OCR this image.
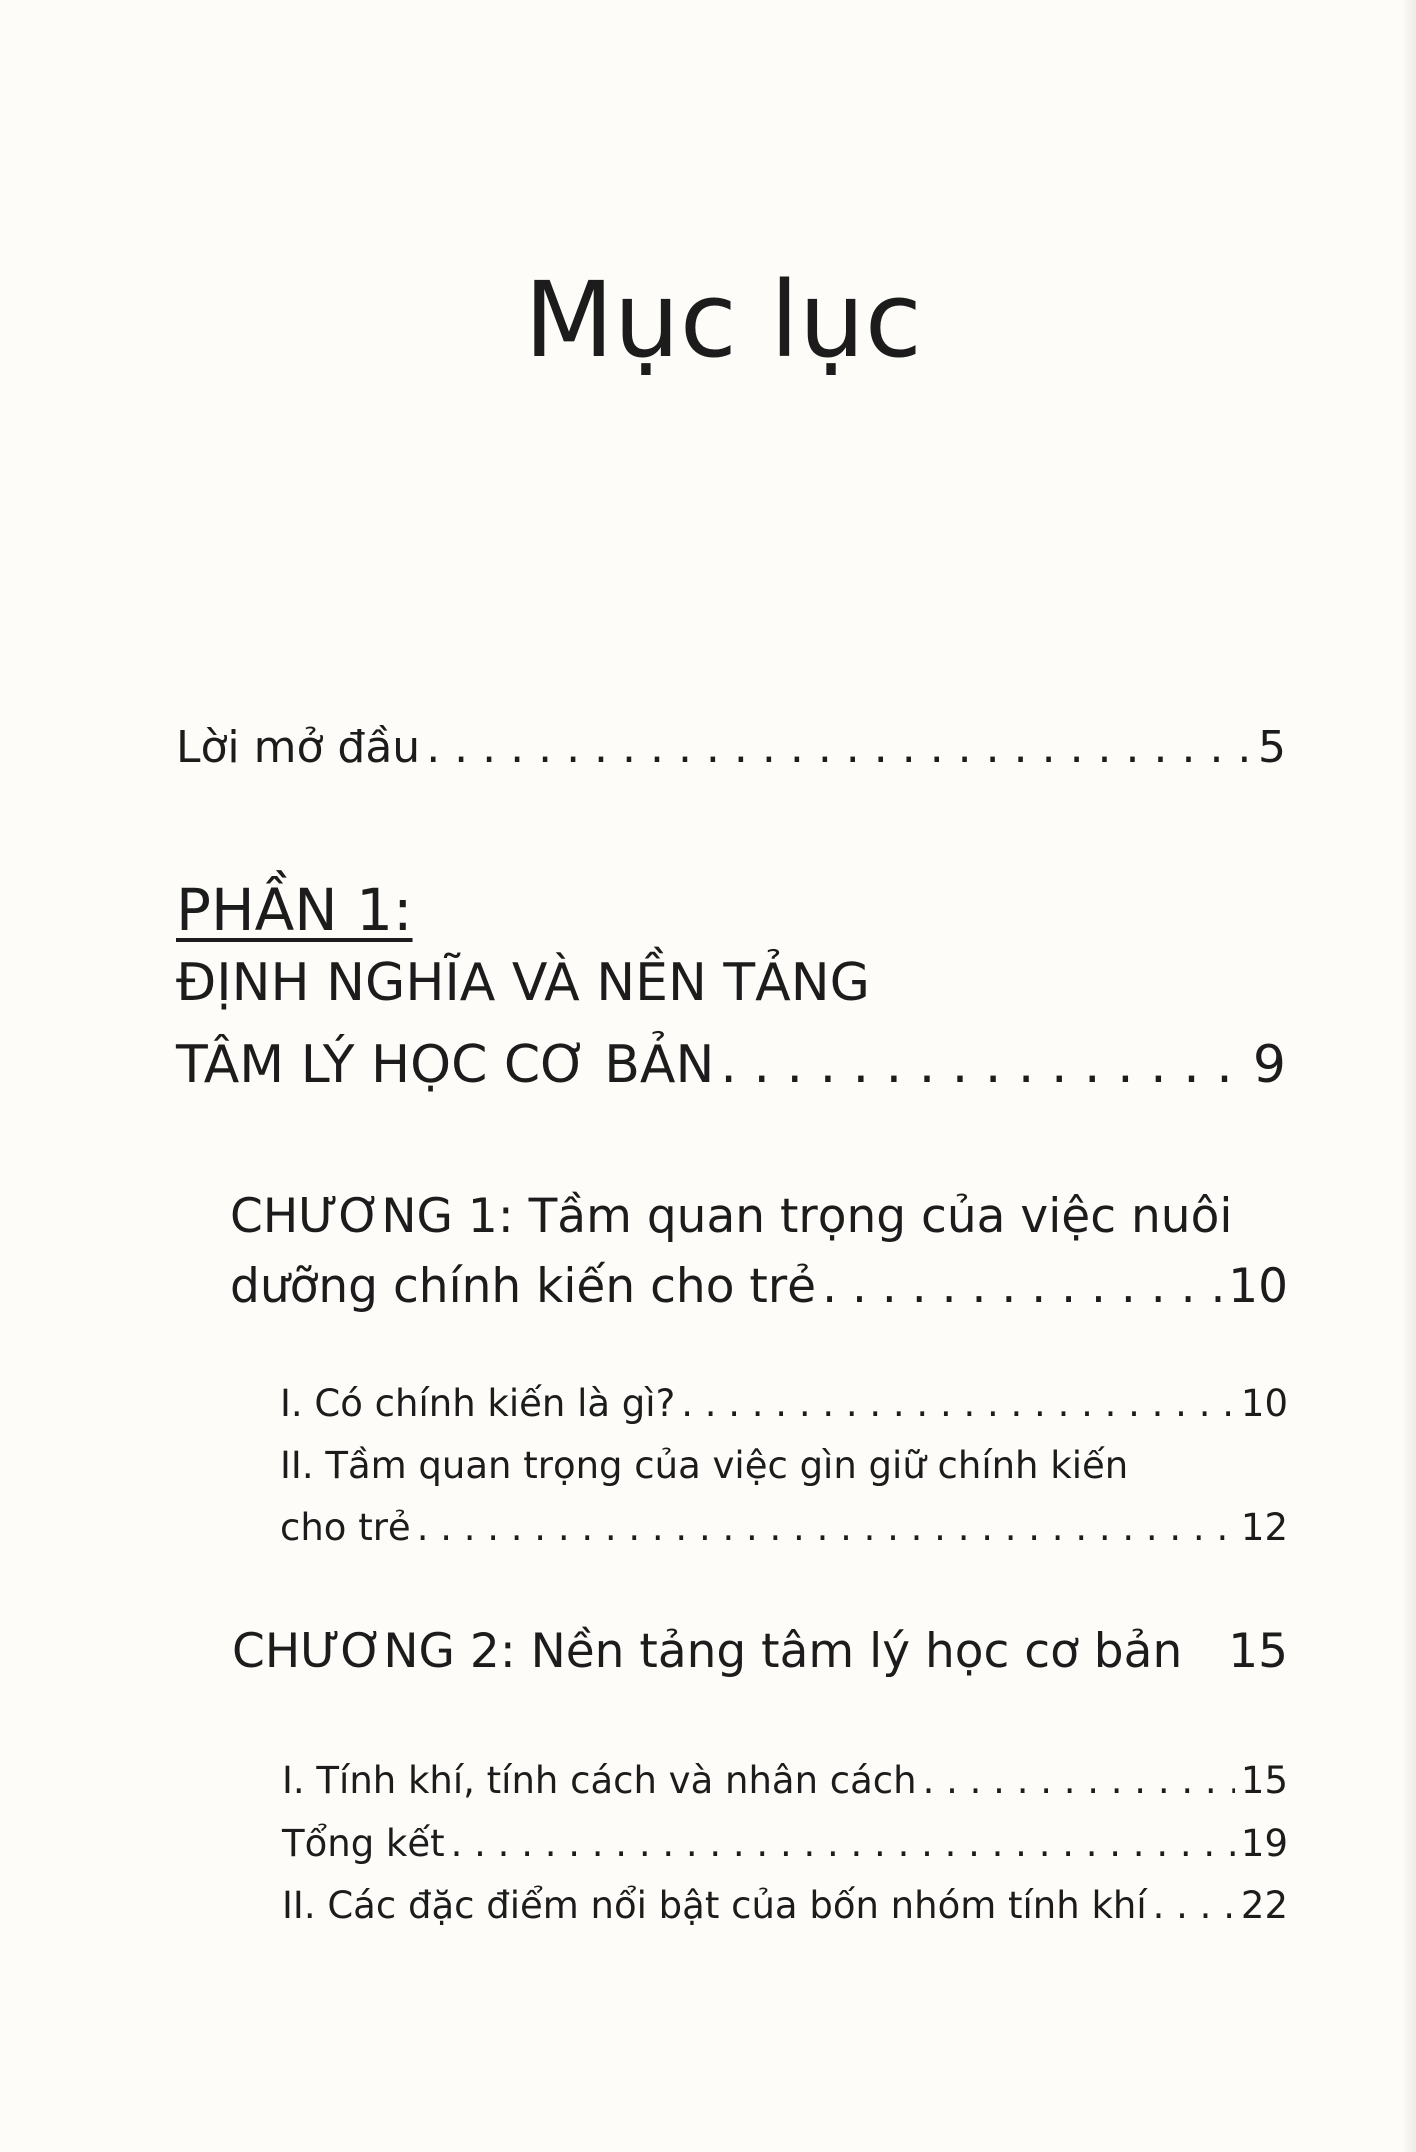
Mục lục
Lời mở đầu . . .	5
PHẦN 1:
ĐỊNH NGHĨA VÀ NỀN TẢNG
TÂM LÝ HỌC CƠ BẢN . . .	9
CHƯƠNG 1: Tầm quan trọng của việc nuôi
dưỡng chính kiến cho trẻ . . .	10
I. Có chính kiến là gì? . . .	10
II. Tầm quan trọng của việc gìn giữ chính kiến
cho trẻ . . .	12
CHƯƠNG 2: Nền tảng tâm lý học cơ bản 15
I. Tính khí, tính cách và nhân cách . . .	15
Tổng kết . . .	19
II. Các đặc điểm nổi bật của bốn nhóm tính khí . . .	22
